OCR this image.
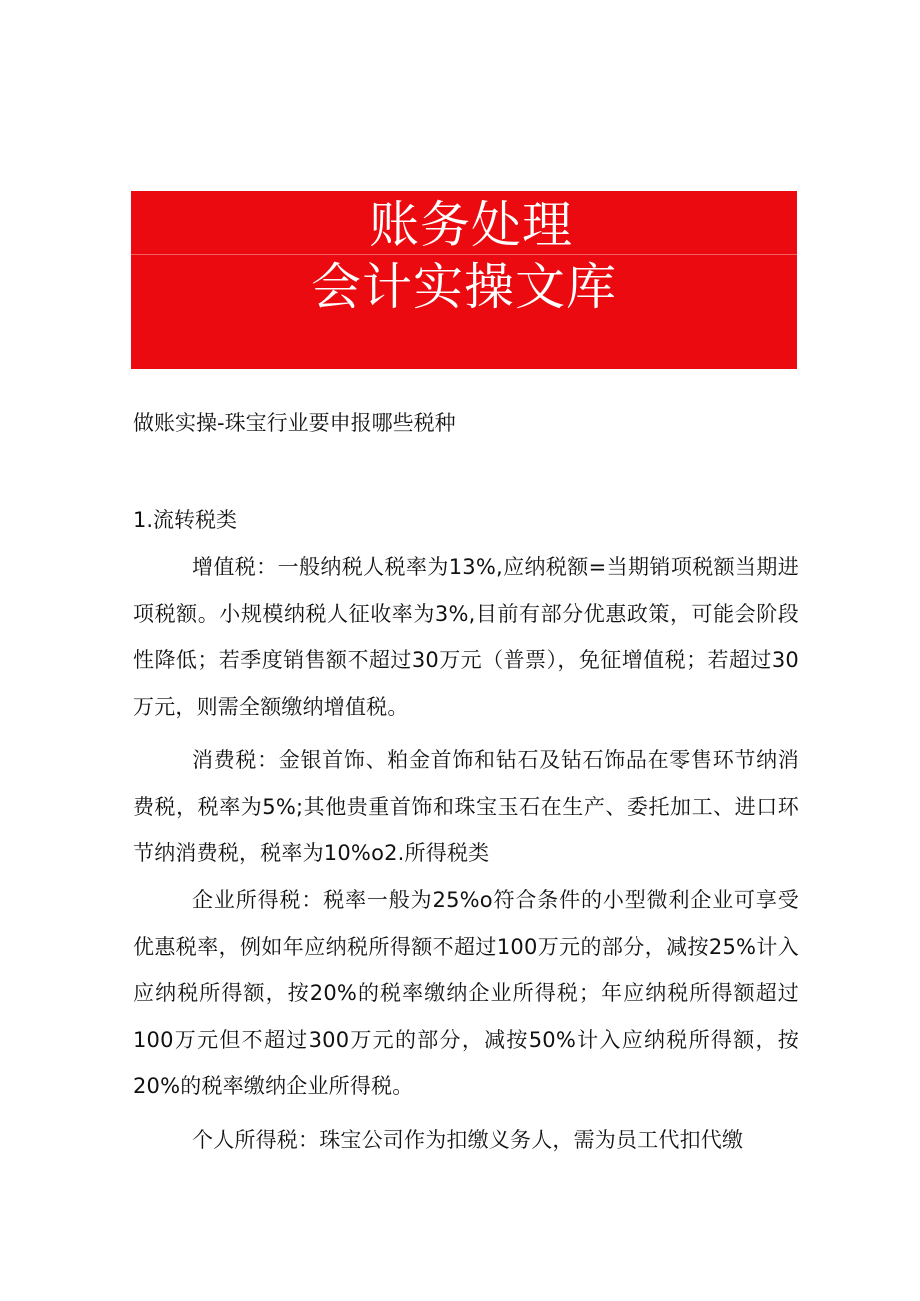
账务处理
会计实操文库
做账实操-珠宝行业要申报哪些税种
1.流转税类

增值税：一般纳税人税率为13%,应纳税额=当期销项税额当期进项税额。小规模纳税人征收率为3%,目前有部分优惠政策，可能会阶段性降低；若季度销售额不超过30万元（普票），免征增值税；若超过30万元，则需全额缴纳增值税。

消费税：金银首饰、粕金首饰和钻石及钻石饰品在零售环节纳消费税，税率为5%;其他贵重首饰和珠宝玉石在生产、委托加工、进口环节纳消费税，税率为10%o2.所得税类

企业所得税：税率一般为25%o符合条件的小型微利企业可享受优惠税率，例如年应纳税所得额不超过100万元的部分，减按25%计入应纳税所得额，按20%的税率缴纳企业所得税；年应纳税所得额超过100万元但不超过300万元的部分，减按50%计入应纳税所得额，按20%的税率缴纳企业所得税。

个人所得税：珠宝公司作为扣缴义务人，需为员工代扣代缴
